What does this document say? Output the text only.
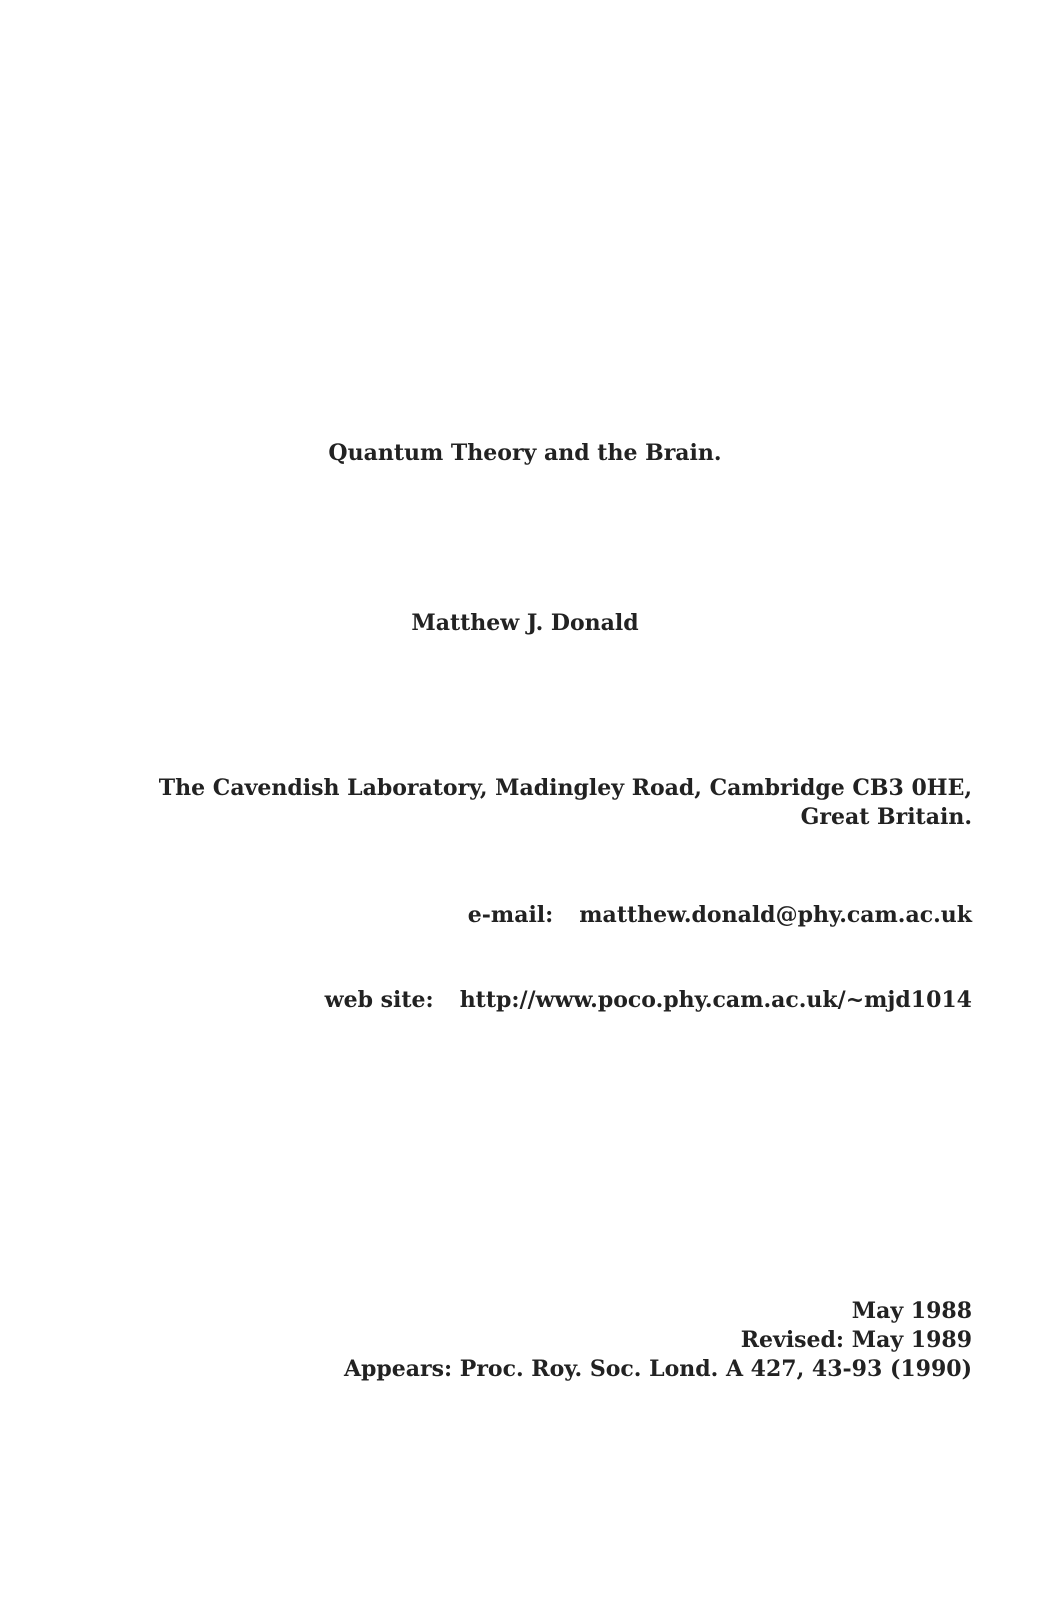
Quantum Theory and the Brain.
Matthew J. Donald
The Cavendish Laboratory, Madingley Road, Cambridge CB3 0HE,
Great Britain.
e-mail: matthew.donald@phy.cam.ac.uk
web site: http://www.poco.phy.cam.ac.uk/~mjd1014
May 1988
Revised: May 1989
Appears: Proc. Roy. Soc. Lond. A 427, 43-93 (1990)
